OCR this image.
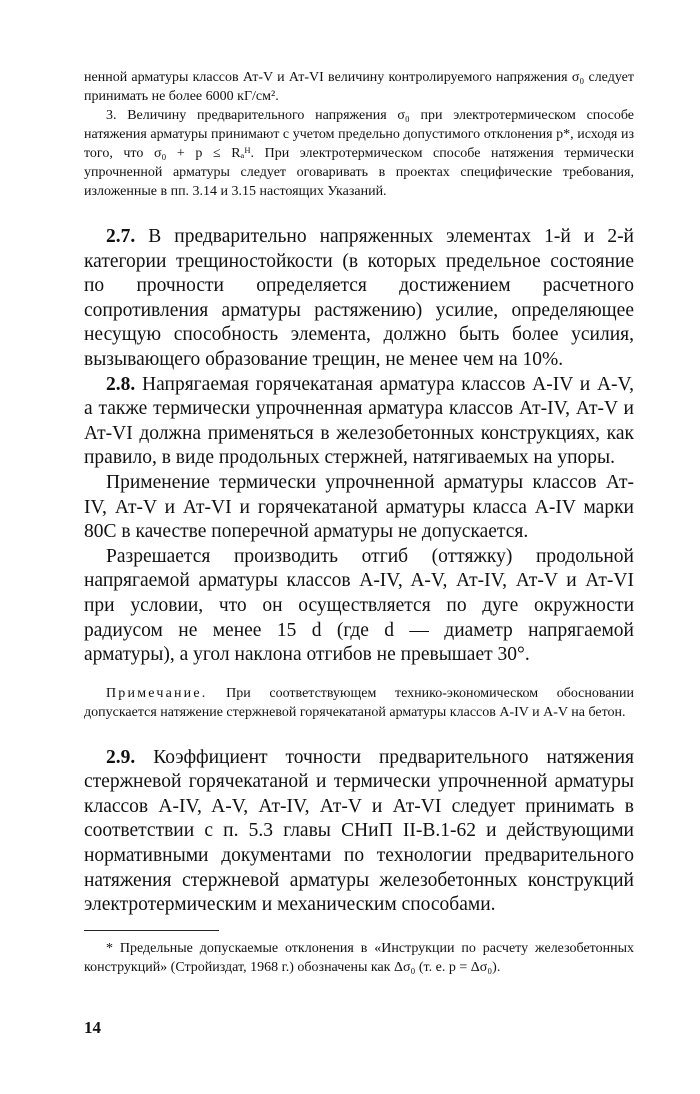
ненной арматуры классов Ат-V и Ат-VI величину контролируемого напряжения σ₀ следует принимать не более 6000 кГ/см².

3. Величину предварительного напряжения σ₀ при электротермическом способе натяжения арматуры принимают с учетом предельно допустимого отклонения p*, исходя из того, что σ₀ + p ≤ Rₐᴴ. При электротермическом способе натяжения термически упрочненной арматуры следует оговаривать в проектах специфические требования, изложенные в пп. 3.14 и 3.15 настоящих Указаний.

2.7. В предварительно напряженных элементах 1-й и 2-й категории трещиностойкости (в которых предельное состояние по прочности определяется достижением расчетного сопротивления арматуры растяжению) усилие, определяющее несущую способность элемента, должно быть более усилия, вызывающего образование трещин, не менее чем на 10%.

2.8. Напрягаемая горячекатаная арматура классов A-IV и A-V, а также термически упрочненная арматура классов Ат-IV, Ат-V и Ат-VI должна применяться в железобетонных конструкциях, как правило, в виде продольных стержней, натягиваемых на упоры.

Применение термически упрочненной арматуры классов Ат-IV, Ат-V и Ат-VI и горячекатаной арматуры класса A-IV марки 80С в качестве поперечной арматуры не допускается.

Разрешается производить отгиб (оттяжку) продольной напрягаемой арматуры классов A-IV, A-V, Ат-IV, Ат-V и Ат-VI при условии, что он осуществляется по дуге окружности радиусом не менее 15 d (где d — диаметр напрягаемой арматуры), а угол наклона отгибов не превышает 30°.

Примечание. При соответствующем технико-экономическом обосновании допускается натяжение стержневой горячекатаной арматуры классов A-IV и A-V на бетон.

2.9. Коэффициент точности предварительного натяжения стержневой горячекатаной и термически упрочненной арматуры классов A-IV, A-V, Ат-IV, Ат-V и Ат-VI следует принимать в соответствии с п. 5.3 главы СНиП II-В.1-62 и действующими нормативными документами по технологии предварительного натяжения стержневой арматуры железобетонных конструкций электротермическим и механическим способами.

* Предельные допускаемые отклонения в «Инструкции по расчету железобетонных конструкций» (Стройиздат, 1968 г.) обозначены как Δσ₀ (т. е. p = Δσ₀).

14
